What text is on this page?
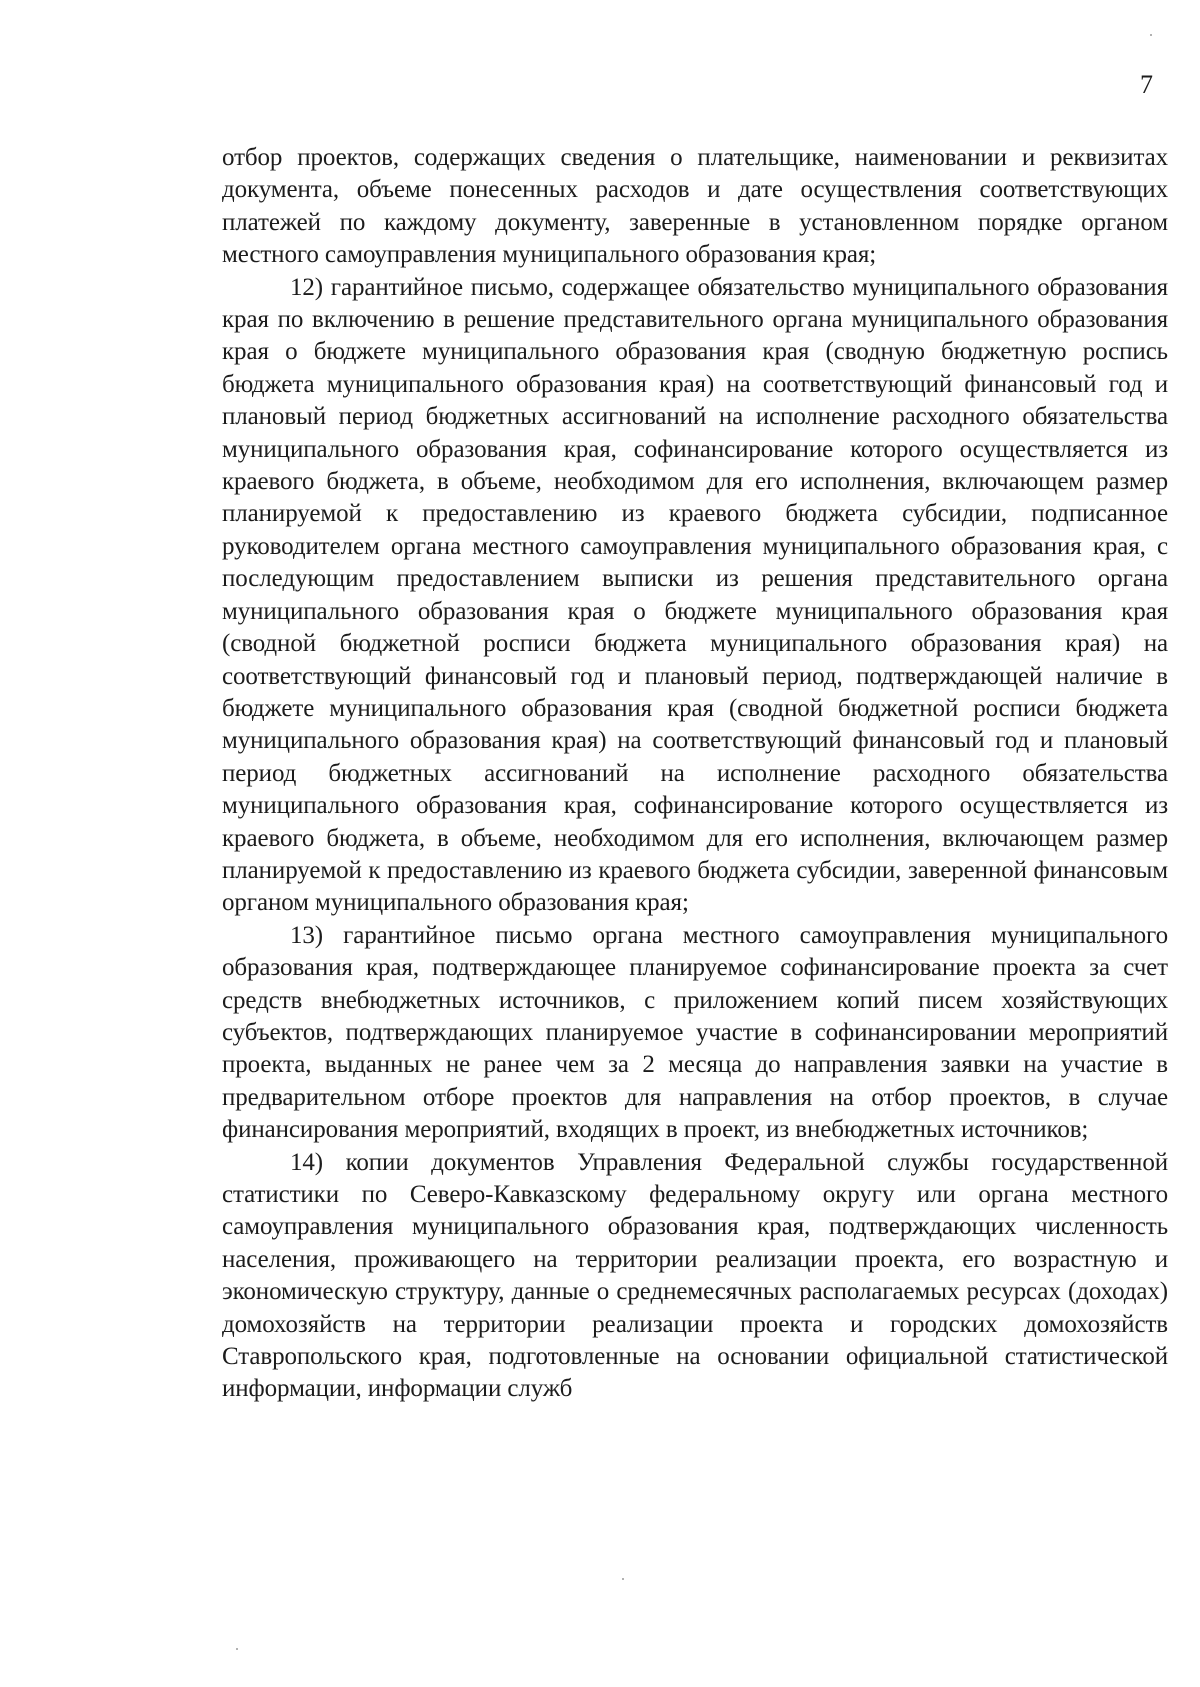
7

отбор проектов, содержащих сведения о плательщике, наименовании и реквизитах документа, объеме понесенных расходов и дате осуществления соответствующих платежей по каждому документу, заверенные в установленном порядке органом местного самоуправления муниципального образования края;

12) гарантийное письмо, содержащее обязательство муниципального образования края по включению в решение представительного органа муниципального образования края о бюджете муниципального образования края (сводную бюджетную роспись бюджета муниципального образования края) на соответствующий финансовый год и плановый период бюджетных ассигнований на исполнение расходного обязательства муниципального образования края, софинансирование которого осуществляется из краевого бюджета, в объеме, необходимом для его исполнения, включающем размер планируемой к предоставлению из краевого бюджета субсидии, подписанное руководителем органа местного самоуправления муниципального образования края, с последующим предоставлением выписки из решения представительного органа муниципального образования края о бюджете муниципального образования края (сводной бюджетной росписи бюджета муниципального образования края) на соответствующий финансовый год и плановый период, подтверждающей наличие в бюджете муниципального образования края (сводной бюджетной росписи бюджета муниципального образования края) на соответствующий финансовый год и плановый период бюджетных ассигнований на исполнение расходного обязательства муниципального образования края, софинансирование которого осуществляется из краевого бюджета, в объеме, необходимом для его исполнения, включающем размер планируемой к предоставлению из краевого бюджета субсидии, заверенной финансовым органом муниципального образования края;

13) гарантийное письмо органа местного самоуправления муниципального образования края, подтверждающее планируемое софинансирование проекта за счет средств внебюджетных источников, с приложением копий писем хозяйствующих субъектов, подтверждающих планируемое участие в софинансировании мероприятий проекта, выданных не ранее чем за 2 месяца до направления заявки на участие в предварительном отборе проектов для направления на отбор проектов, в случае финансирования мероприятий, входящих в проект, из внебюджетных источников;

14) копии документов Управления Федеральной службы государственной статистики по Северо-Кавказскому федеральному округу или органа местного самоуправления муниципального образования края, подтверждающих численность населения, проживающего на территории реализации проекта, его возрастную и экономическую структуру, данные о среднемесячных располагаемых ресурсах (доходах) домохозяйств на территории реализации проекта и городских домохозяйств Ставропольского края, подготовленные на основании официальной статистической информации, информации служб
